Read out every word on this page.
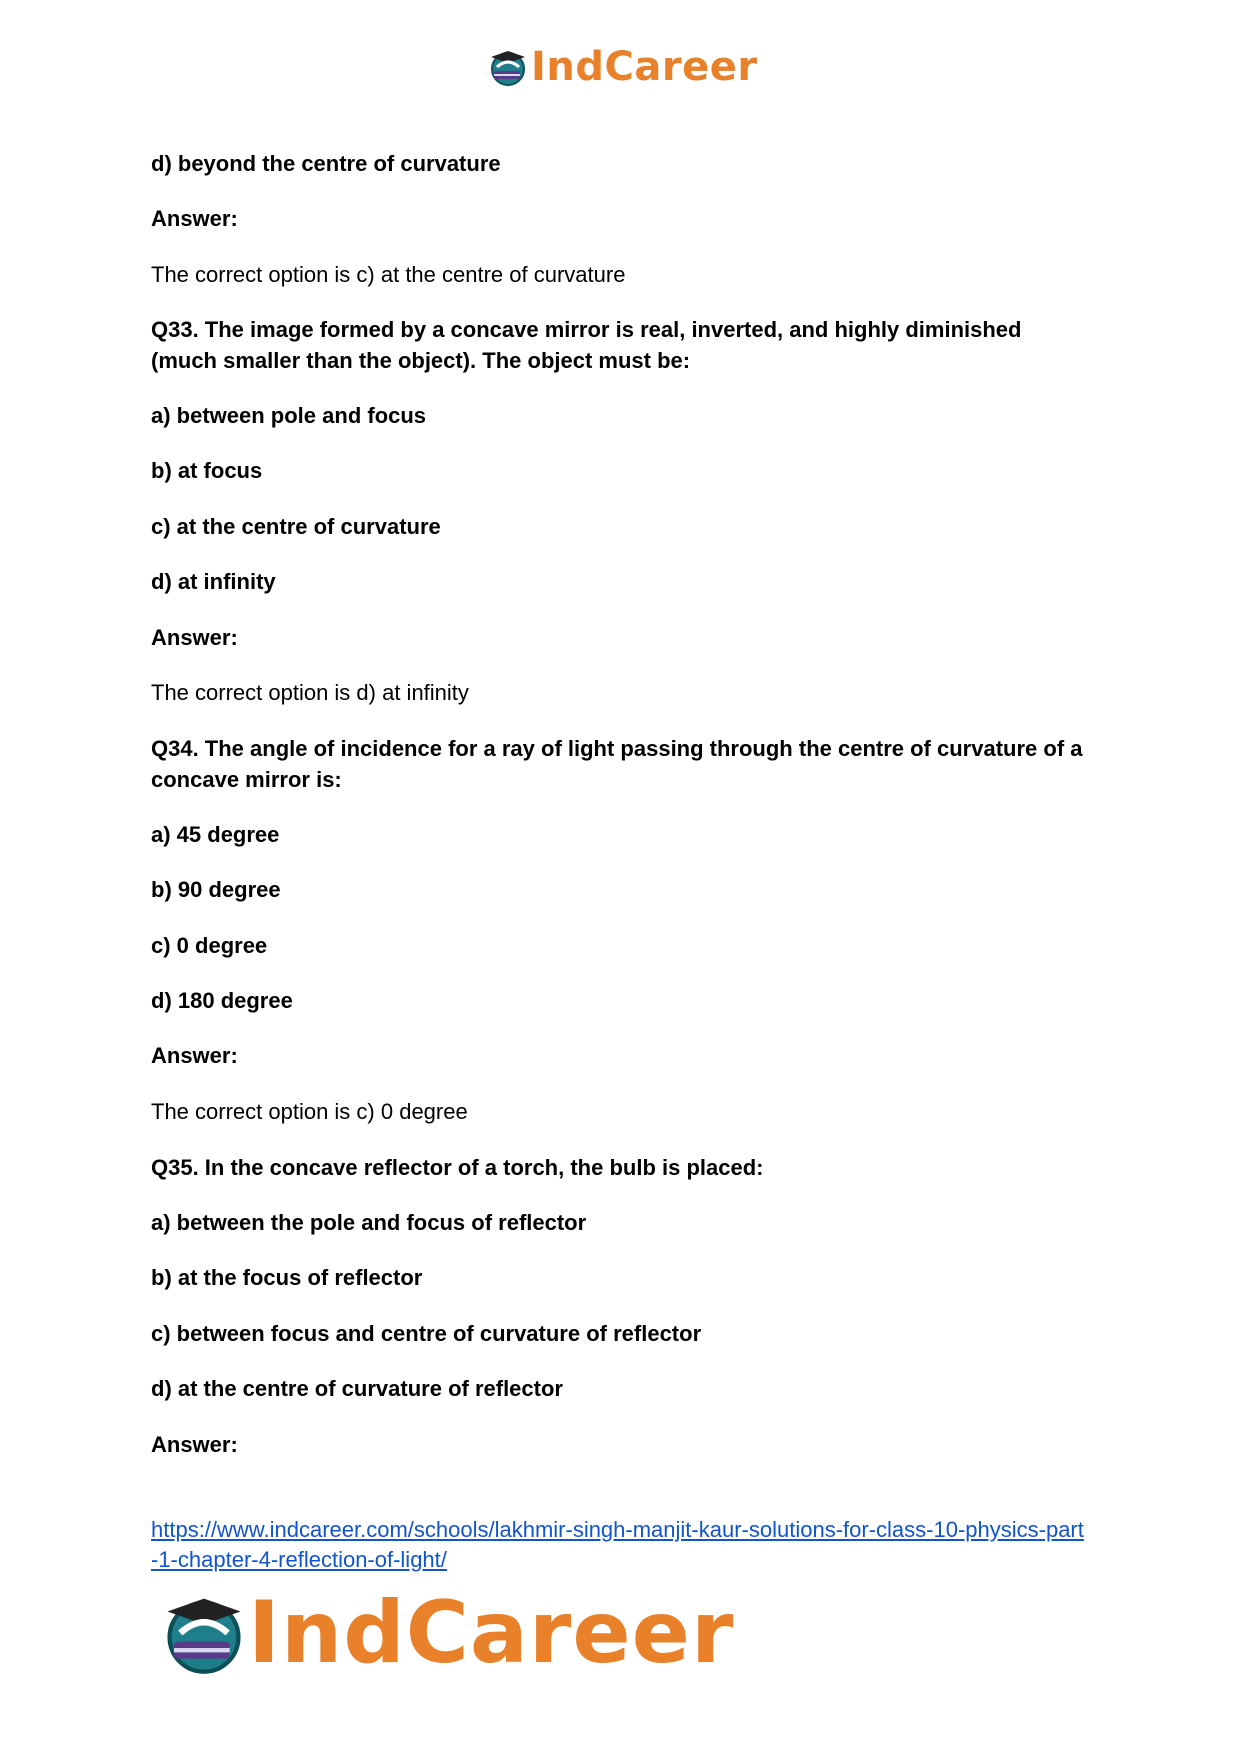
IndCareer
d) beyond the centre of curvature
Answer:
The correct option is c) at the centre of curvature
Q33. The image formed by a concave mirror is real, inverted, and highly diminished (much smaller than the object). The object must be:
a) between pole and focus
b) at focus
c) at the centre of curvature
d) at infinity
Answer:
The correct option is d) at infinity
Q34. The angle of incidence for a ray of light passing through the centre of curvature of a concave mirror is:
a) 45 degree
b) 90 degree
c) 0 degree
d) 180 degree
Answer:
The correct option is c) 0 degree
Q35. In the concave reflector of a torch, the bulb is placed:
a) between the pole and focus of reflector
b) at the focus of reflector
c) between focus and centre of curvature of reflector
d) at the centre of curvature of reflector
Answer:
https://www.indcareer.com/schools/lakhmir-singh-manjit-kaur-solutions-for-class-10-physics-part-1-chapter-4-reflection-of-light/
IndCareer
